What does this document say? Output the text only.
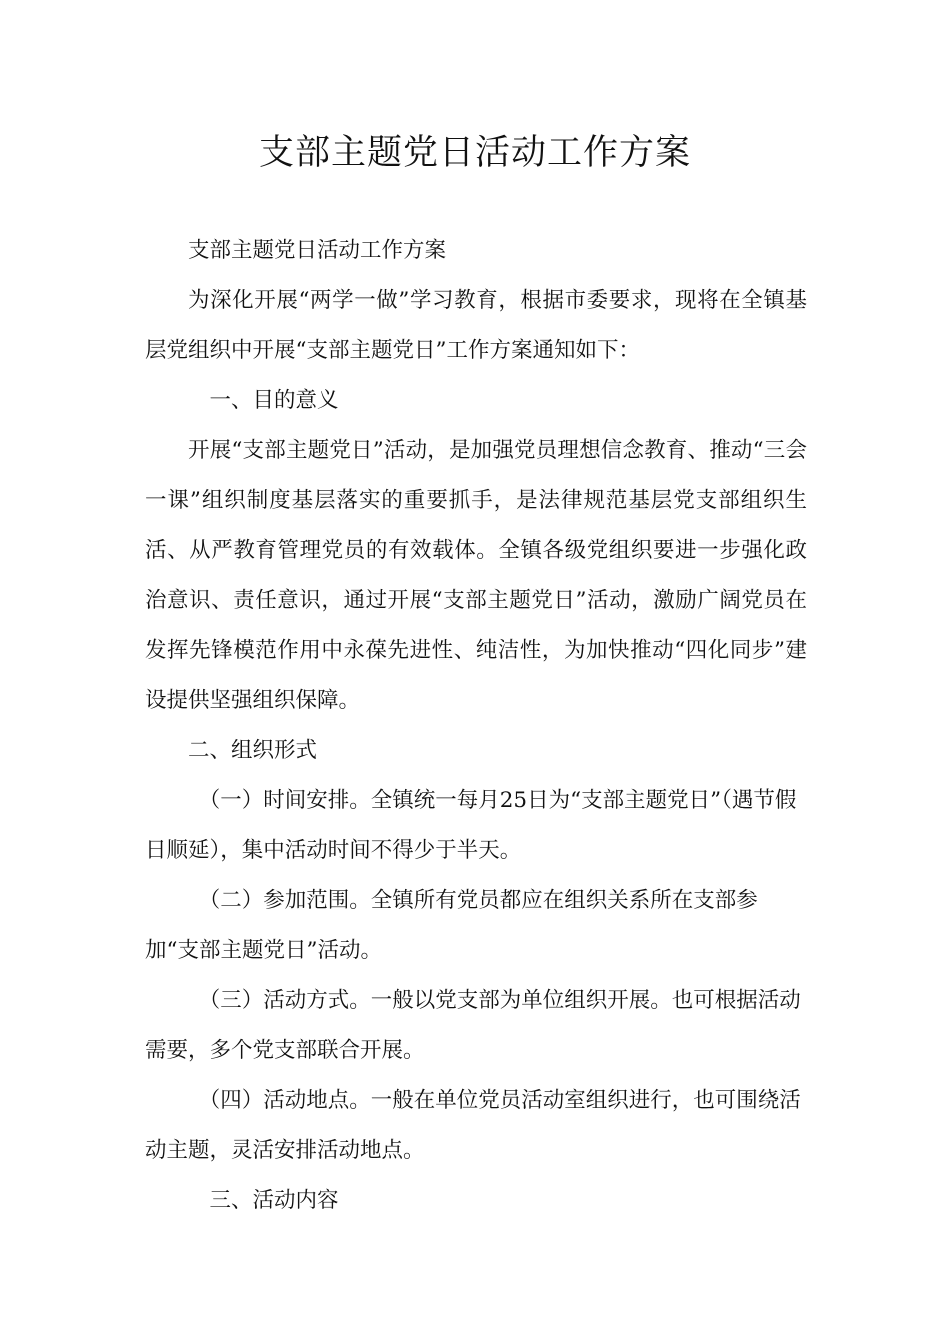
支部主题党日活动工作方案

支部主题党日活动工作方案

为深化开展“两学一做”学习教育，根据市委要求，现将在全镇基层党组织中开展“支部主题党日”工作方案通知如下：

一、目的意义

开展“支部主题党日”活动，是加强党员理想信念教育、推动“三会一课”组织制度基层落实的重要抓手，是法律规范基层党支部组织生活、从严教育管理党员的有效载体。全镇各级党组织要进一步强化政治意识、责任意识，通过开展“支部主题党日”活动，激励广阔党员在发挥先锋模范作用中永葆先进性、纯洁性，为加快推动“四化同步”建设提供坚强组织保障。

二、组织形式

（一）时间安排。全镇统一每月25日为“支部主题党日”（遇节假日顺延），集中活动时间不得少于半天。

（二）参加范围。全镇所有党员都应在组织关系所在支部参加“支部主题党日”活动。

（三）活动方式。一般以党支部为单位组织开展。也可根据活动需要，多个党支部联合开展。

（四）活动地点。一般在单位党员活动室组织进行，也可围绕活动主题，灵活安排活动地点。

三、活动内容
